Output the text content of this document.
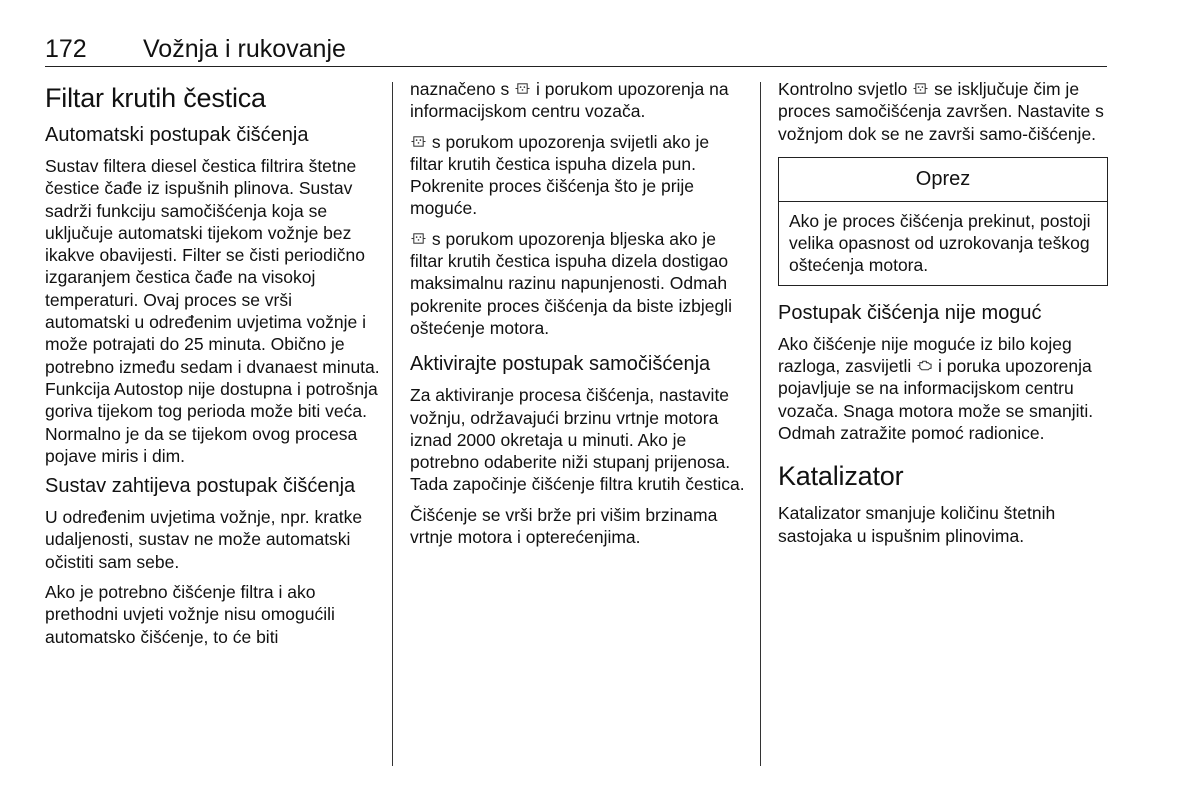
172 Vožnja i rukovanje
Filtar krutih čestica
Automatski postupak čišćenja

Sustav filtera diesel čestica filtrira štetne čestice čađe iz ispušnih plinova. Sustav sadrži funkciju samočišćenja koja se uključuje automatski tijekom vožnje bez ikakve obavijesti. Filter se čisti periodično izgaranjem čestica čađe na visokoj temperaturi. Ovaj proces se vrši automatski u određenim uvjetima vožnje i može potrajati do 25 minuta. Obično je potrebno između sedam i dvanaest minuta. Funkcija Autostop nije dostupna i potrošnja goriva tijekom tog perioda može biti veća. Normalno je da se tijekom ovog procesa pojave miris i dim.

Sustav zahtijeva postupak čišćenja

U određenim uvjetima vožnje, npr. kratke udaljenosti, sustav ne može automatski očistiti sam sebe.

Ako je potrebno čišćenje filtra i ako prethodni uvjeti vožnje nisu omogućili automatsko čišćenje, to će biti

naznačeno s i porukom upozorenja na informacijskom centru vozača.

s porukom upozorenja svijetli ako je filtar krutih čestica ispuha dizela pun. Pokrenite proces čišćenja što je prije moguće.

s porukom upozorenja bljeska ako je filtar krutih čestica ispuha dizela dostigao maksimalnu razinu napunjenosti. Odmah pokrenite proces čišćenja da biste izbjegli oštećenje motora.

Aktivirajte postupak samočišćenja

Za aktiviranje procesa čišćenja, nastavite vožnju, održavajući brzinu vrtnje motora iznad 2000 okretaja u minuti. Ako je potrebno odaberite niži stupanj prijenosa. Tada započinje čišćenje filtra krutih čestica.

Čišćenje se vrši brže pri višim brzinama vrtnje motora i opterećenjima.

Kontrolno svjetlo se isključuje čim je proces samočišćenja završen. Nastavite s vožnjom dok se ne završi samo-čišćenje.

Oprez

Ako je proces čišćenja prekinut, postoji velika opasnost od uzrokovanja teškog oštećenja motora.

Postupak čišćenja nije moguć

Ako čišćenje nije moguće iz bilo kojeg razloga, zasvijetli i poruka upozorenja pojavljuje se na informacijskom centru vozača. Snaga motora može se smanjiti. Odmah zatražite pomoć radionice.

Katalizator

Katalizator smanjuje količinu štetnih sastojaka u ispušnim plinovima.
